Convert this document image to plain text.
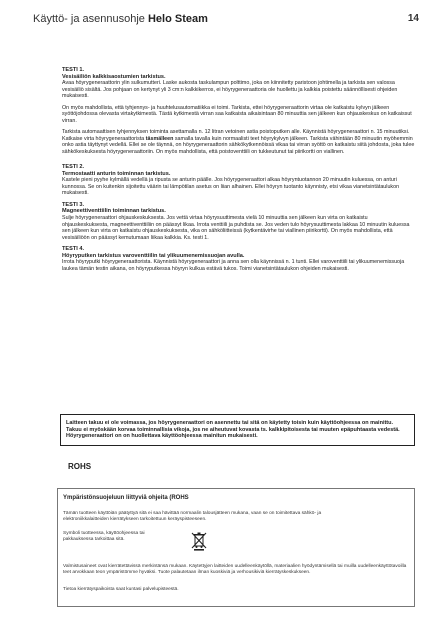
Käyttö- ja asennusohje Helo Steam	14
TESTI 1.
Vesisäiliön kalkkisaostumien tarkistus.
Avaa höyrygeneraattorin ylin sulkumutteri. Laske aukosta taskulampun polttimo, joka on kiinnitetty paristoon johtimella ja tarkista sen valossa vesisäiliö sisältä. Jos pohjaan on kertynyt yli 3 cm:n kalkkikerros, ei höyrygeneraattoria ole huollettu ja kalkkia poistettu säännöllisesti ohjeiden mukaisesti.
On myös mahdollista, että tyhjennys- ja huuhtelusautomatiikka ei toimi. Tarkista, ettei höyrygeneraattorin virtaa ole katkaistu kylvyn jälkeen syöttöjohdossa olevasta virtakytkimestä. Tästä kytkimestä virran saa katkaista aikaisintaan 80 minuuttia sen jälkeen kun ohjauskeskus on katkaissut virran.
Tarkista automaattisen tyhjennyksen toiminta asettamalla n. 12 litran vetoinen astia poistoputken alle. Käynnistä höyrygeneraattori n. 15 minuutiksi. Katkaise virta höyrygeneraattorista täsmälleen samalla tavalla kuin normaalisti teet höyrykylvyn jälkeen. Tarkista vähintään 80 minuutin myöhemmin onko astia täyttynyt vedellä. Ellei se ole täynnä, on höyrygeneraattorin sähkökytkennöissä vikaa tai virran syöttö on katkaistu siitä johdosta, joka tulee sähkökeskuksesta höyrygeneraattoriin. On myös mahdollista, että poistoventtiili on tukkeutunut tai piirikortti on viallinen.
TESTI 2.
Termostaatti anturin toiminnan tarkistus.
Kastele pieni pyyhe kylmällä vedellä ja ripusta se anturin päälle. Jos höyrygeneraattori alkaa höyryntuotannon 20 minuutin kuluessa, on anturi kunnossa. Se on kuitenkin sijoitettu väärin tai lämpötilan asetus on liian alhainen. Ellei höyryn tuotanto käynnisty, etsi vikaa vianetsintätaulukon mukaisesti.
TESTI 3.
Magneettiventtiilin toiminnan tarkistus.
Sulje höyrygeneraattori ohjauskeskuksesta. Jos vettä virtaa höyrysuuttimesta vielä 10 minuuttia sen jälkeen kun virta on katkaistu ohjauskeskuksesta, magneettiventtiiliin on päässyt likaa. Irrota venttiili ja puhdista se. Jos veden tulo höyrysuuttimesta lakkaa 10 minuutin kuluessa sen jälkeen kun virta on katkaistu ohjauskeskuksesta, vika on sähköliitteissä (kytkentävirhe tai viallinen piirikortti). On myös mahdollista, että vesisäiliöön on päässyt kemutumaan liikaa kalkkia. Ks. testi 1.
TESTI 4.
Höyryputken tarkistus varoventtiilin tai ylikuumenemissuojan avulla.
Irrota höyryputki höyrygeneraattorista. Käynnistä höyrygeneraattori ja anna sen olla käynnissä n. 1 tunti. Ellei varoventtiili tai ylikuumenemissuoja laukea tämän testin aikana, on höyryputkessa höyryn kulkua estävä tukos. Toimi vianetsintätaulukon ohjeiden mukaisesti.
Laitteen takuu ei ole voimassa, jos höyrygeneraattori on asennettu tai sitä on käytetty toisin kuin käyttöohjeessa on mainittu.
Takuu ei myöskään korvaa toiminnallisia vikoja, jos ne aiheutuvat kovasta ts. kalkkipitoisesta tai muuten epäpuhtaasta vedestä.
Höyrygeneraattori on on huollettava käyttöohjeessa mainitun mukaisesti.
ROHS
Ympäristönsuojeluun liittyviä ohjeita (ROHS
Tämän tuotteen käyttöiän päätyttyä sitä ei saa hävittää normaalin talousjätteen mukana, vaan se on toimitettava sähkö- ja elektroniikkalaitteiden kierrätykseen tarkoitettuun keräyspisteeseen.
Symboli tuotteessa, käyttöohjeessa tai pakkauksessa tarkoittaa sitä.
Valmistusaineet ovat kierrätettävissä merkintänsä mukaan. Käytettyjen laitteiden uudelleenkäytöllä, materiaalien hyödyntämisellä tai muilla uudelleenkäyttötavoilla teet arvokkaan teon ympäristömme hyväksi. Tuote palautetaan ilman kuoskiviä ja verhousikiviä kierrätyskeskukseen.
Tietoa kierrätyspaikoista saat kuntasi palvelupisteestä.
